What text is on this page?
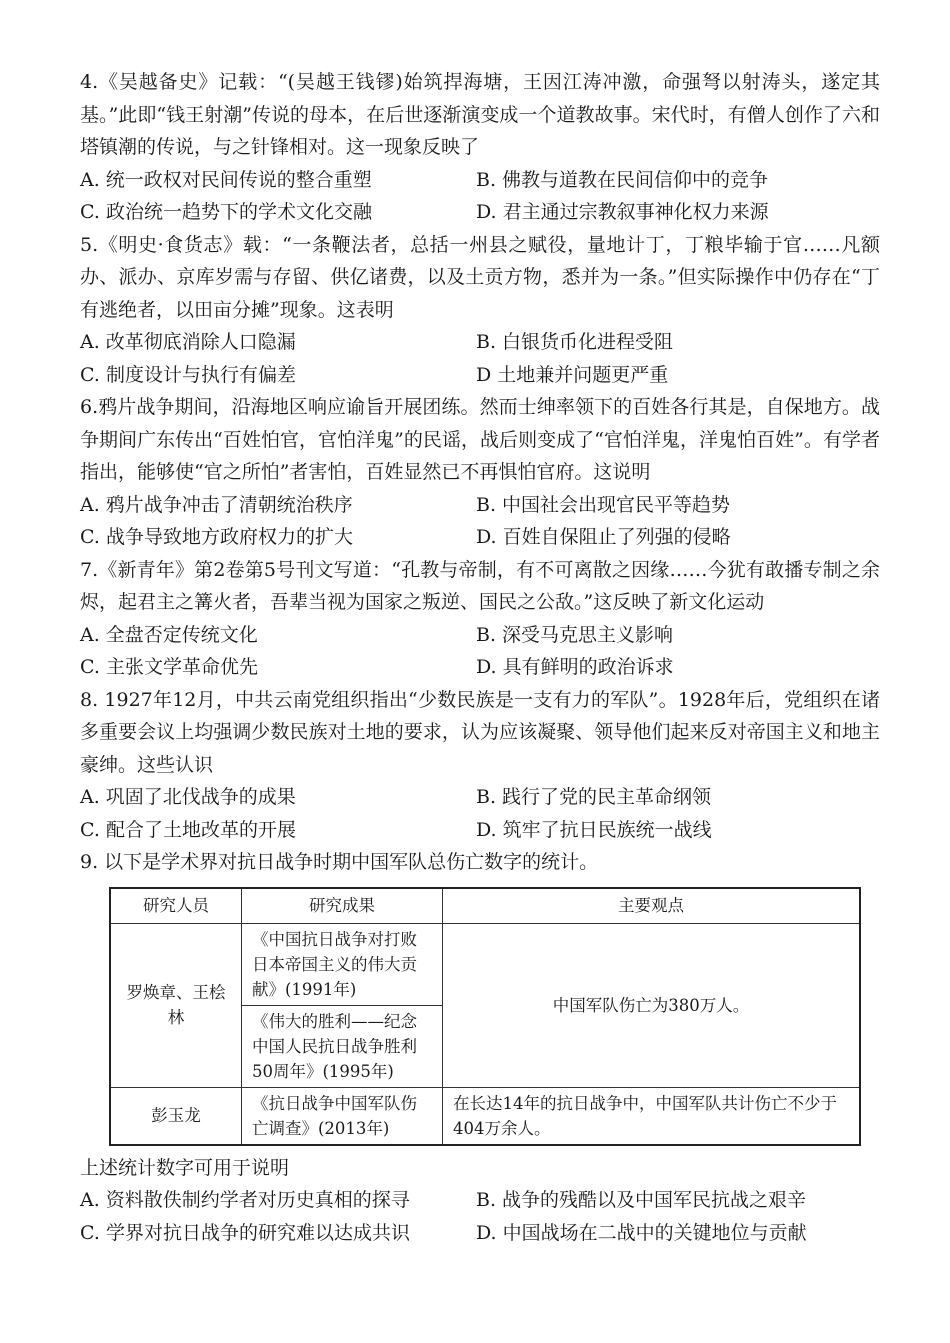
4.《吴越备史》记载：“(吴越王钱镠)始筑捍海塘，王因江涛冲激，命强弩以射涛头，遂定其基。”此即“钱王射潮”传说的母本，在后世逐渐演变成一个道教故事。宋代时，有僧人创作了六和塔镇潮的传说，与之针锋相对。这一现象反映了

A. 统一政权对民间传说的整合重塑	B. 佛教与道教在民间信仰中的竞争
C. 政治统一趋势下的学术文化交融	D. 君主通过宗教叙事神化权力来源

5.《明史·食货志》载：“一条鞭法者，总括一州县之赋役，量地计丁，丁粮毕输于官……凡额办、派办、京库岁需与存留、供亿诸费，以及土贡方物，悉并为一条。”但实际操作中仍存在“丁有逃绝者，以田亩分摊”现象。这表明

A. 改革彻底消除人口隐漏	B. 白银货币化进程受阻
C. 制度设计与执行有偏差	D 土地兼并问题更严重

6.鸦片战争期间，沿海地区响应谕旨开展团练。然而士绅率领下的百姓各行其是，自保地方。战争期间广东传出“百姓怕官，官怕洋鬼”的民谣，战后则变成了“官怕洋鬼，洋鬼怕百姓”。有学者指出，能够使“官之所怕”者害怕，百姓显然已不再惧怕官府。这说明

A. 鸦片战争冲击了清朝统治秩序	B. 中国社会出现官民平等趋势
C. 战争导致地方政府权力的扩大	D. 百姓自保阻止了列强的侵略

7.《新青年》第2卷第5号刊文写道：“孔教与帝制，有不可离散之因缘……今犹有敢播专制之余烬，起君主之篝火者，吾辈当视为国家之叛逆、国民之公敌。”这反映了新文化运动

A. 全盘否定传统文化	B. 深受马克思主义影响
C. 主张文学革命优先	D. 具有鲜明的政治诉求

8. 1927年12月，中共云南党组织指出“少数民族是一支有力的军队”。1928年后，党组织在诸多重要会议上均强调少数民族对土地的要求，认为应该凝聚、领导他们起来反对帝国主义和地主豪绅。这些认识

A. 巩固了北伐战争的成果	B. 践行了党的民主革命纲领
C. 配合了土地改革的开展	D. 筑牢了抗日民族统一战线

9. 以下是学术界对抗日战争时期中国军队总伤亡数字的统计。

研究人员	研究成果	主要观点
罗焕章、王桧林	《中国抗日战争对打败日本帝国主义的伟大贡献》(1991年)	中国军队伤亡为380万人。
	《伟大的胜利——纪念中国人民抗日战争胜利50周年》(1995年)	
彭玉龙	《抗日战争中国军队伤亡调查》(2013年)	在长达14年的抗日战争中，中国军队共计伤亡不少于404万余人。

上述统计数字可用于说明

A. 资料散佚制约学者对历史真相的探寻	B. 战争的残酷以及中国军民抗战之艰辛
C. 学界对抗日战争的研究难以达成共识	D. 中国战场在二战中的关键地位与贡献
